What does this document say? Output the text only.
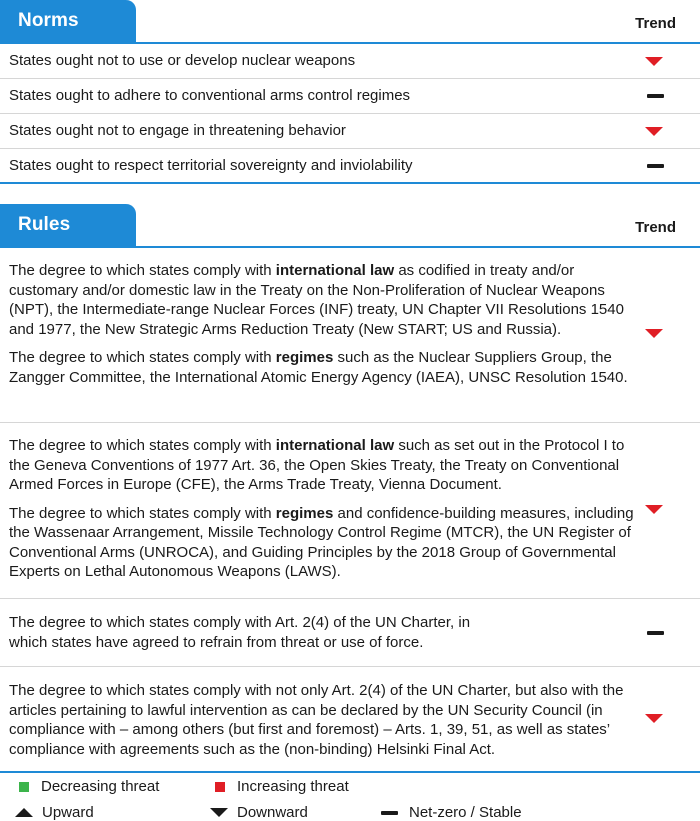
Norms	Trend
States ought not to use or develop nuclear weapons
States ought to adhere to conventional arms control regimes
States ought not to engage in threatening behavior
States ought to respect territorial sovereignty and inviolability
Rules	Trend

The degree to which states comply with international law as codified in treaty and/or customary and/or domestic law in the Treaty on the Non-Proliferation of Nuclear Weapons (NPT), the Intermediate-range Nuclear Forces (INF) treaty, UN Chapter VII Resolutions 1540 and 1977, the New Strategic Arms Reduction Treaty (New START; US and Russia).

The degree to which states comply with regimes such as the Nuclear Suppliers Group, the Zangger Committee, the International Atomic Energy Agency (IAEA), UNSC Resolution 1540.

The degree to which states comply with international law such as set out in the Protocol I to the Geneva Conventions of 1977 Art. 36, the Open Skies Treaty, the Treaty on Conventional Armed Forces in Europe (CFE), the Arms Trade Treaty, Vienna Document.

The degree to which states comply with regimes and confidence-building measures, including the Wassenaar Arrangement, Missile Technology Control Regime (MTCR), the UN Register of Conventional Arms (UNROCA), and Guiding Principles by the 2018 Group of Governmental Experts on Lethal Autonomous Weapons (LAWS).

The degree to which states comply with Art. 2(4) of the UN Charter, in which states have agreed to refrain from threat or use of force.

The degree to which states comply with not only Art. 2(4) of the UN Charter, but also with the articles pertaining to lawful intervention as can be declared by the UN Security Council (in compliance with – among others (but first and foremost) – Arts. 1, 39, 51, as well as states’ compliance with agreements such as the (non-binding) Helsinki Final Act.

Decreasing threat	Increasing threat
Upward	Downward	Net-zero / Stable
